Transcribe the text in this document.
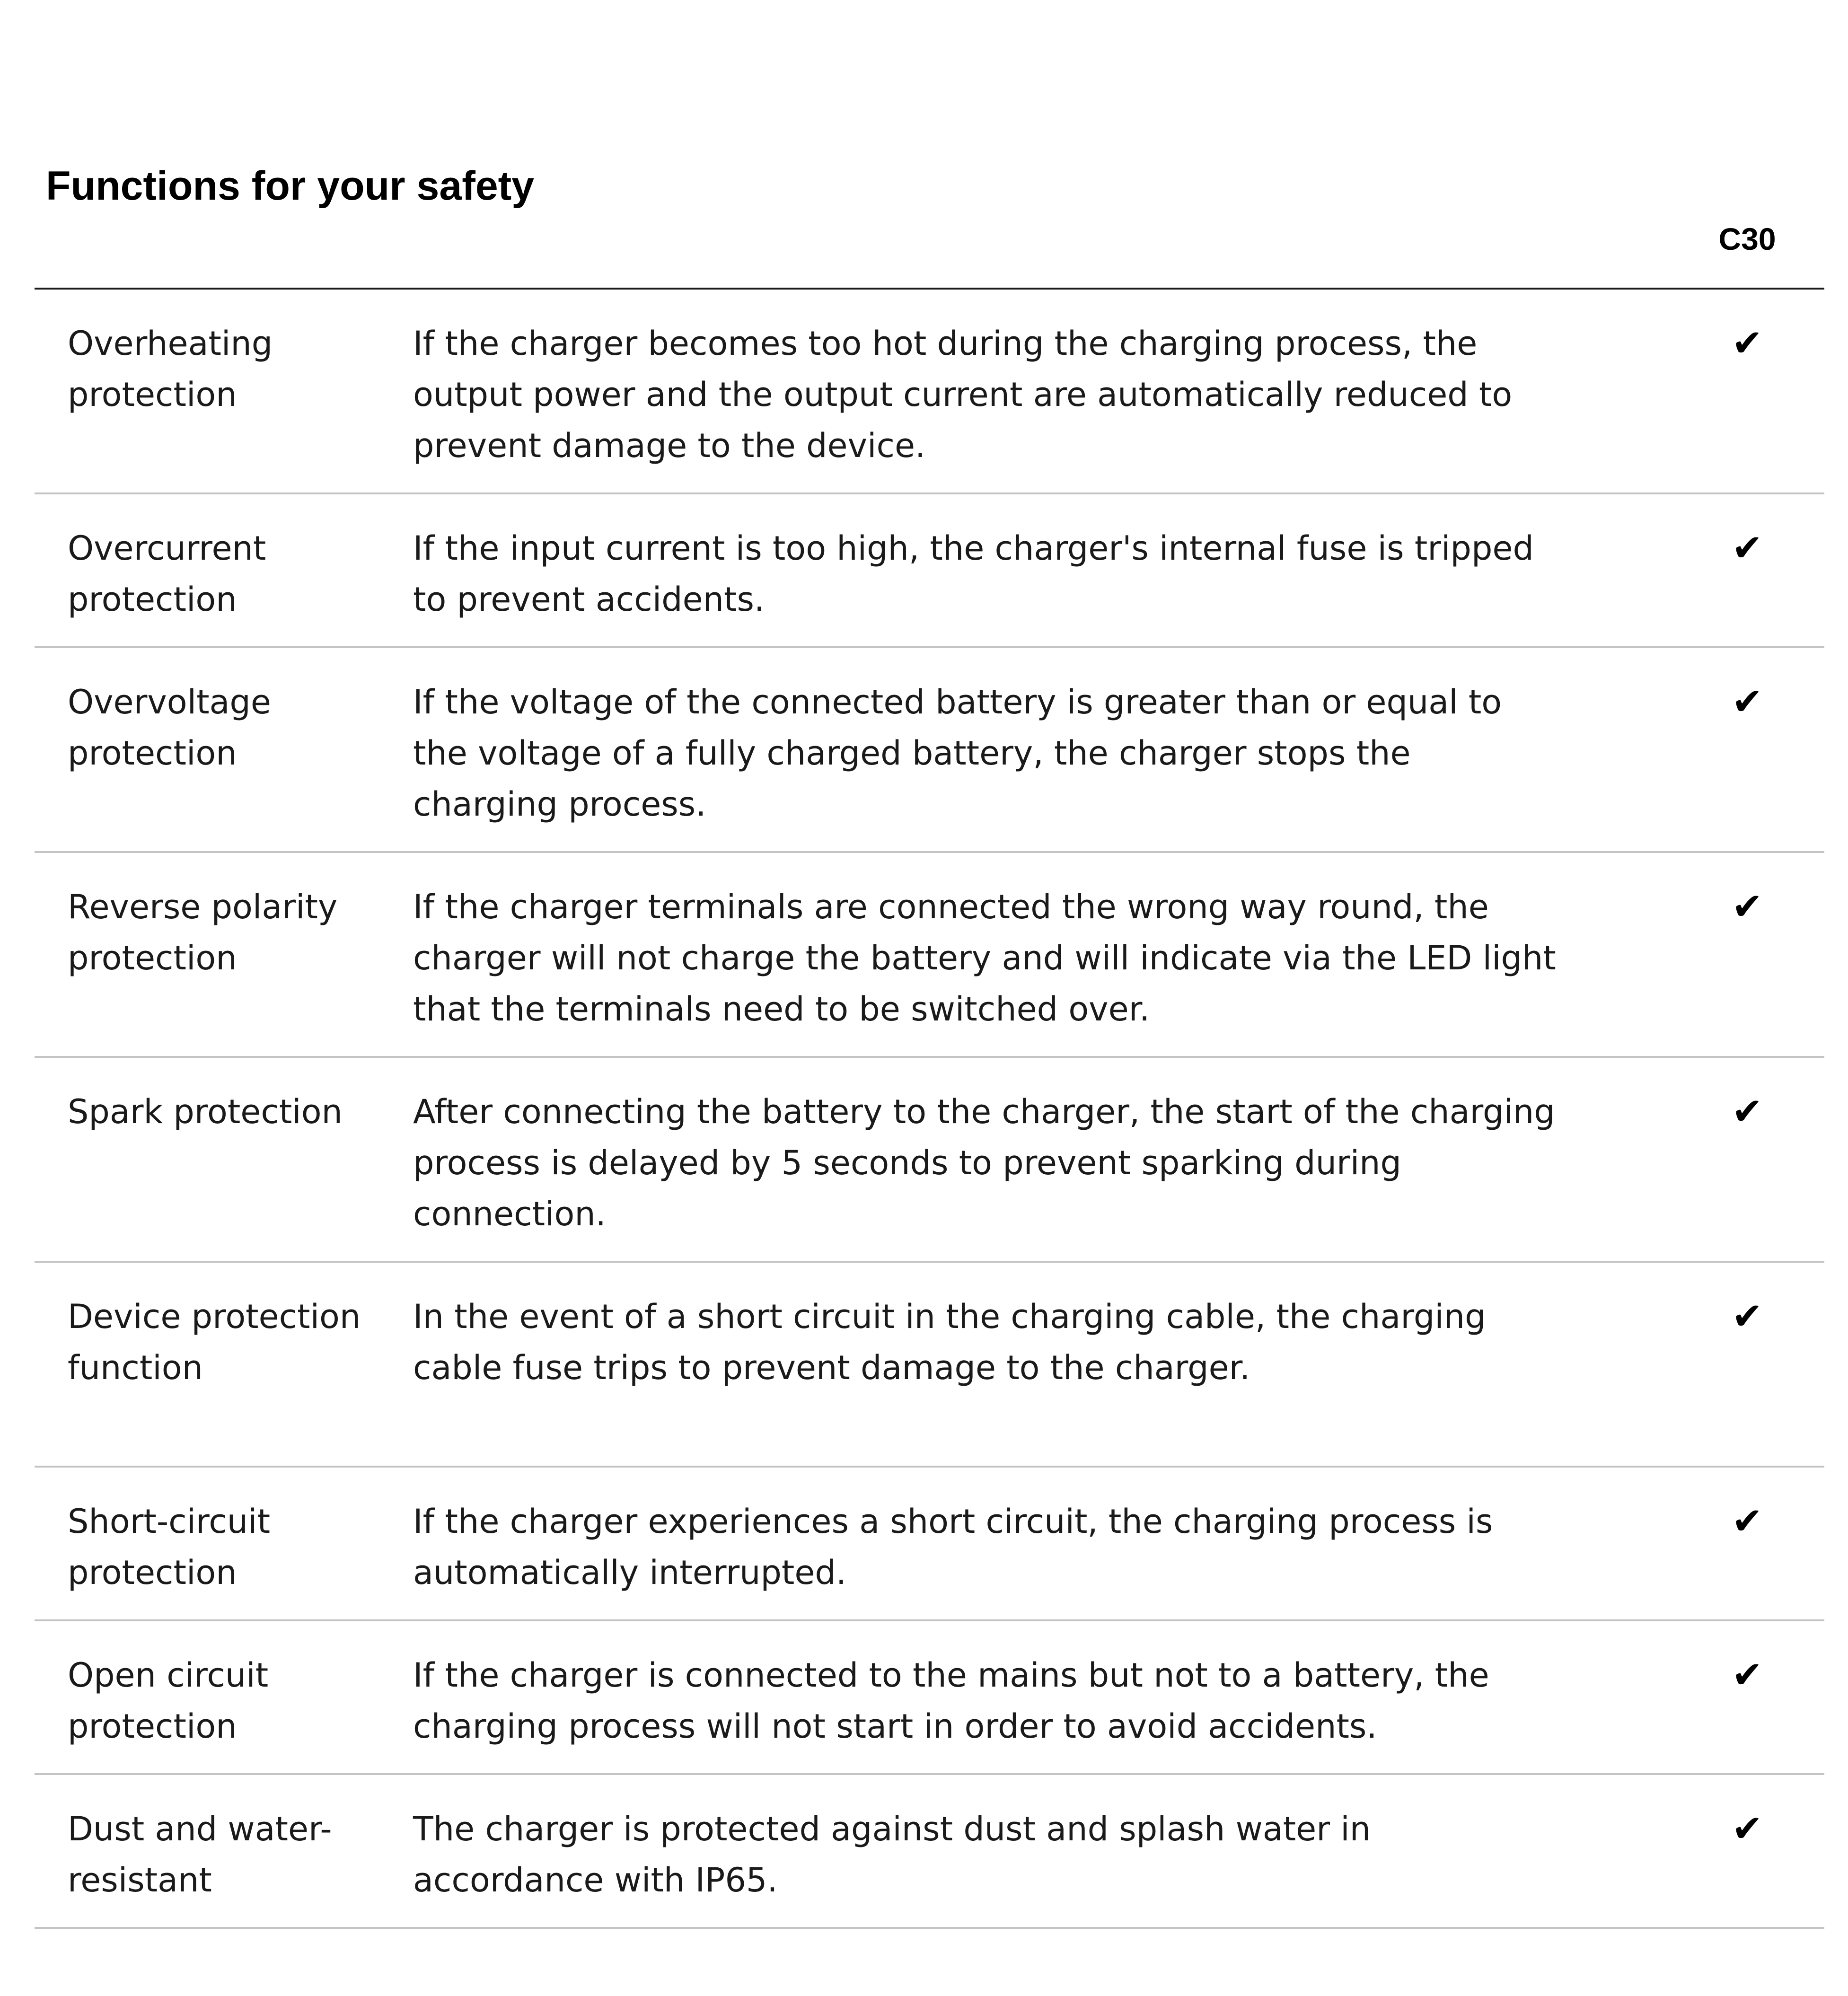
Functions for your safety
C30
Overheating protection
If the charger becomes too hot during the charging process, the output power and the output current are automatically reduced to prevent damage to the device.
✔
Overcurrent protection
If the input current is too high, the charger's internal fuse is tripped to prevent accidents.
✔
Overvoltage protection
If the voltage of the connected battery is greater than or equal to the voltage of a fully charged battery, the charger stops the charging process.
✔
Reverse polarity protection
If the charger terminals are connected the wrong way round, the charger will not charge the battery and will indicate via the LED light that the terminals need to be switched over.
✔
Spark protection	After connecting the battery to the charger, the start of the charging process is delayed by 5 seconds to prevent sparking during connection.
✔
Device protection function
In the event of a short circuit in the charging cable, the charging cable fuse trips to prevent damage to the charger.
✔
Short-circuit protection
If the charger experiences a short circuit, the charging process is automatically interrupted.
✔
Open circuit protection
If the charger is connected to the mains but not to a battery, the charging process will not start in order to avoid accidents.
✔
Dust and water-resistant
The charger is protected against dust and splash water in accordance with IP65.
✔
